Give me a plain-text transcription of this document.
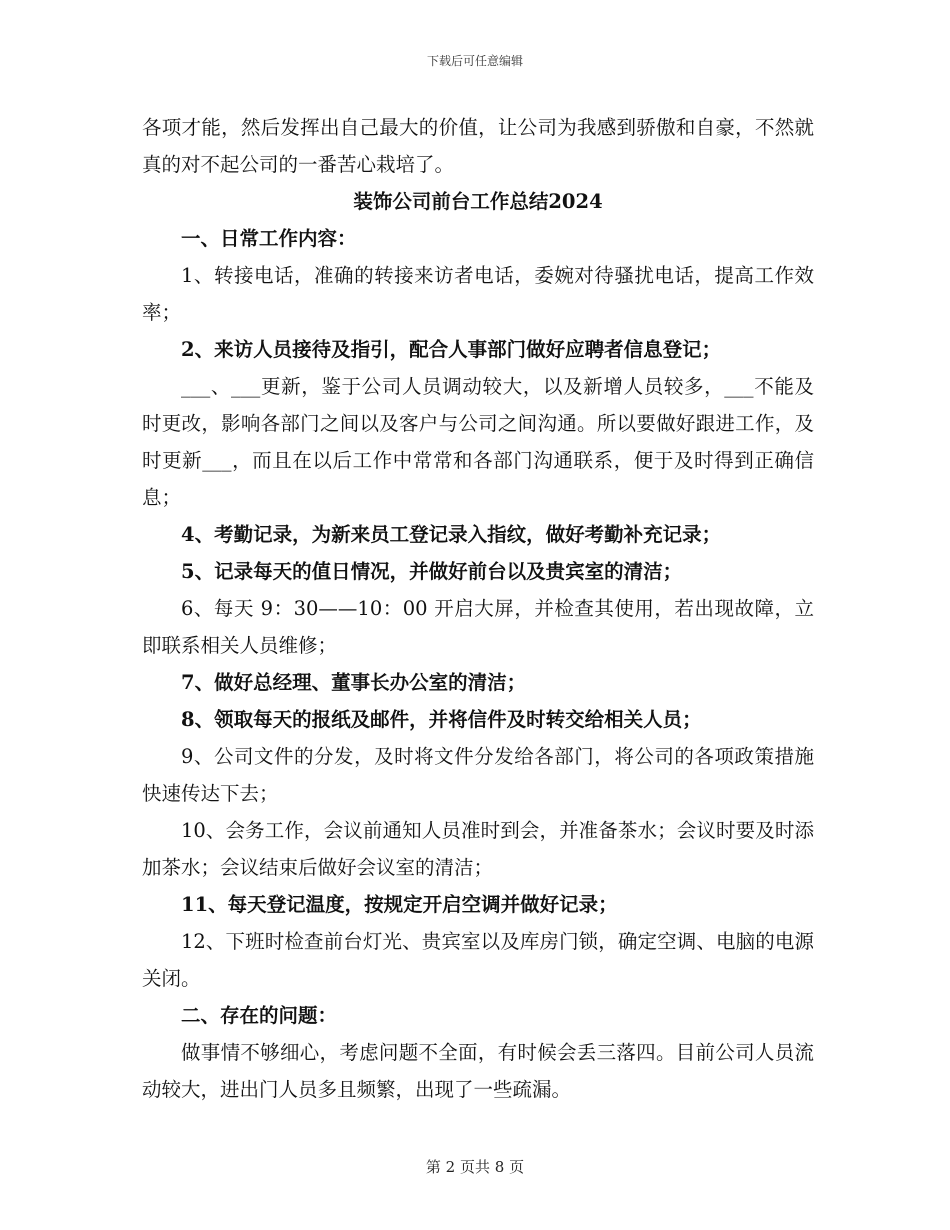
下载后可任意编辑

各项才能，然后发挥出自己最大的价值，让公司为我感到骄傲和自豪，不然就真的对不起公司的一番苦心栽培了。

装饰公司前台工作总结2024

一、日常工作内容：

1、转接电话，准确的转接来访者电话，委婉对待骚扰电话，提高工作效率；

2、来访人员接待及指引，配合人事部门做好应聘者信息登记；

___、___更新，鉴于公司人员调动较大，以及新增人员较多，___不能及时更改，影响各部门之间以及客户与公司之间沟通。所以要做好跟进工作，及时更新___，而且在以后工作中常常和各部门沟通联系，便于及时得到正确信息；

4、考勤记录，为新来员工登记录入指纹，做好考勤补充记录；

5、记录每天的值日情况，并做好前台以及贵宾室的清洁；

6、每天 9：30——10：00 开启大屏，并检查其使用，若出现故障，立即联系相关人员维修；

7、做好总经理、董事长办公室的清洁；

8、领取每天的报纸及邮件，并将信件及时转交给相关人员；

9、公司文件的分发，及时将文件分发给各部门，将公司的各项政策措施快速传达下去；

10、会务工作，会议前通知人员准时到会，并准备茶水；会议时要及时添加茶水；会议结束后做好会议室的清洁；

11、每天登记温度，按规定开启空调并做好记录；

12、下班时检查前台灯光、贵宾室以及库房门锁，确定空调、电脑的电源关闭。

二、存在的问题：

做事情不够细心，考虑问题不全面，有时候会丢三落四。目前公司人员流动较大，进出门人员多且频繁，出现了一些疏漏。

第 2 页共 8 页
